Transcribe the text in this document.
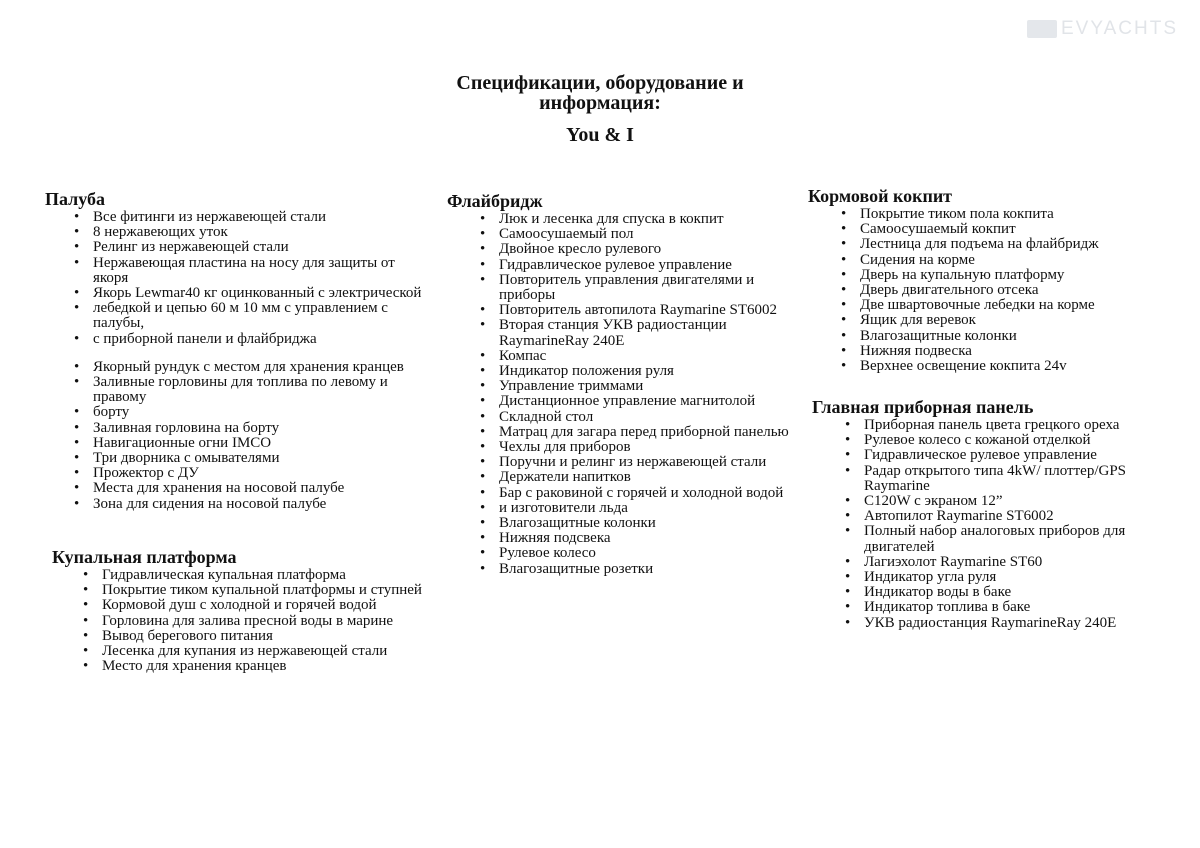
EVYACHTS
Спецификации, оборудование и
информация:
You & I
Палуба
• Все фитинги из нержавеющей стали
• 8 нержавеющих уток
• Релинг из нержавеющей стали
• Нержавеющая пластина на носу для защиты от якоря
• Якорь Lewmar40 кг оцинкованный с электрической
• лебедкой и цепью 60 м 10 мм с управлением с палубы,
• с приборной панели и флайбриджа
• Якорный рундук с местом для хранения кранцев
• Заливные горловины для топлива по левому и правому
• борту
• Заливная горловина на борту
• Навигационные огни IMCO
• Три дворника с омывателями
• Прожектор с ДУ
• Места для хранения на носовой палубе
• Зона для сидения на носовой палубе
Купальная платформа
• Гидравлическая купальная платформа
• Покрытие тиком купальной платформы и ступней
• Кормовой душ с холодной и горячей водой
• Горловина для залива пресной воды в марине
• Вывод берегового питания
• Лесенка для купания из нержавеющей стали
• Место для хранения кранцев
Флайбридж
• Люк и лесенка для спуска в кокпит
• Самоосушаемый пол
• Двойное кресло рулевого
• Гидравлическое рулевое управление
• Повторитель управления двигателями и приборы
• Повторитель автопилота Raymarine ST6002
• Вторая станция УКВ радиостанции RaymarineRay 240E
• Компас
• Индикатор положения руля
• Управление триммами
• Дистанционное управление магнитолой
• Складной стол
• Матрац для загара перед приборной панелью
• Чехлы для приборов
• Поручни и релинг из нержавеющей стали
• Держатели напитков
• Бар с раковиной с горячей и холодной водой
• и изготовители льда
• Влагозащитные колонки
• Нижняя подсвека
• Рулевое колесо
• Влагозащитные розетки
Кормовой кокпит
• Покрытие тиком пола кокпита
• Самоосушаемый кокпит
• Лестница для подъема на флайбридж
• Сидения на корме
• Дверь на купальную платформу
• Дверь двигательного отсека
• Две швартовочные лебедки на корме
• Ящик для веревок
• Влагозащитные колонки
• Нижняя подвеска
• Верхнее освещение кокпита 24v
Главная приборная панель
• Приборная панель цвета грецкого ореха
• Рулевое колесо с кожаной отделкой
• Гидравлическое рулевое управление
• Радар открытого типа 4kW/ плоттер/GPS Raymarine
• C120W с экраном 12”
• Автопилот Raymarine ST6002
• Полный набор аналоговых приборов для двигателей
• Лагиэхолот Raymarine ST60
• Индикатор угла руля
• Индикатор воды в баке
• Индикатор топлива в баке
• УКВ радиостанция RaymarineRay 240E
